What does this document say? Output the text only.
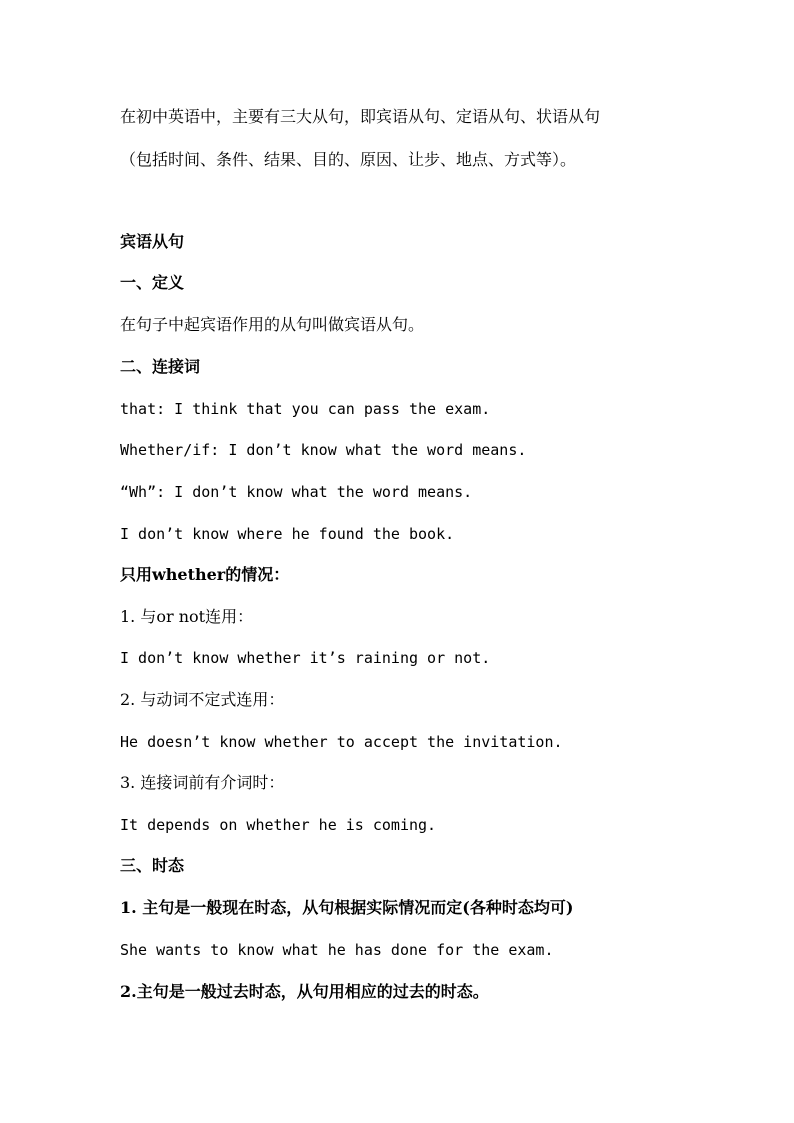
在初中英语中，主要有三大从句，即宾语从句、定语从句、状语从句
（包括时间、条件、结果、目的、原因、让步、地点、方式等）。
宾语从句
一、定义
在句子中起宾语作用的从句叫做宾语从句。
二、连接词
that: I think that you can pass the exam.
Whether/if: I don’t know what the word means.
“Wh”: I don’t know what the word means.
I don’t know where he found the book.
只用whether的情况：
1. 与or not连用：
I don’t know whether it’s raining or not.
2. 与动词不定式连用：
He doesn’t know whether to accept the invitation.
3. 连接词前有介词时：
It depends on whether he is coming.
三、时态
1. 主句是一般现在时态，从句根据实际情况而定(各种时态均可)
She wants to know what he has done for the exam.
2.主句是一般过去时态，从句用相应的过去的时态。
